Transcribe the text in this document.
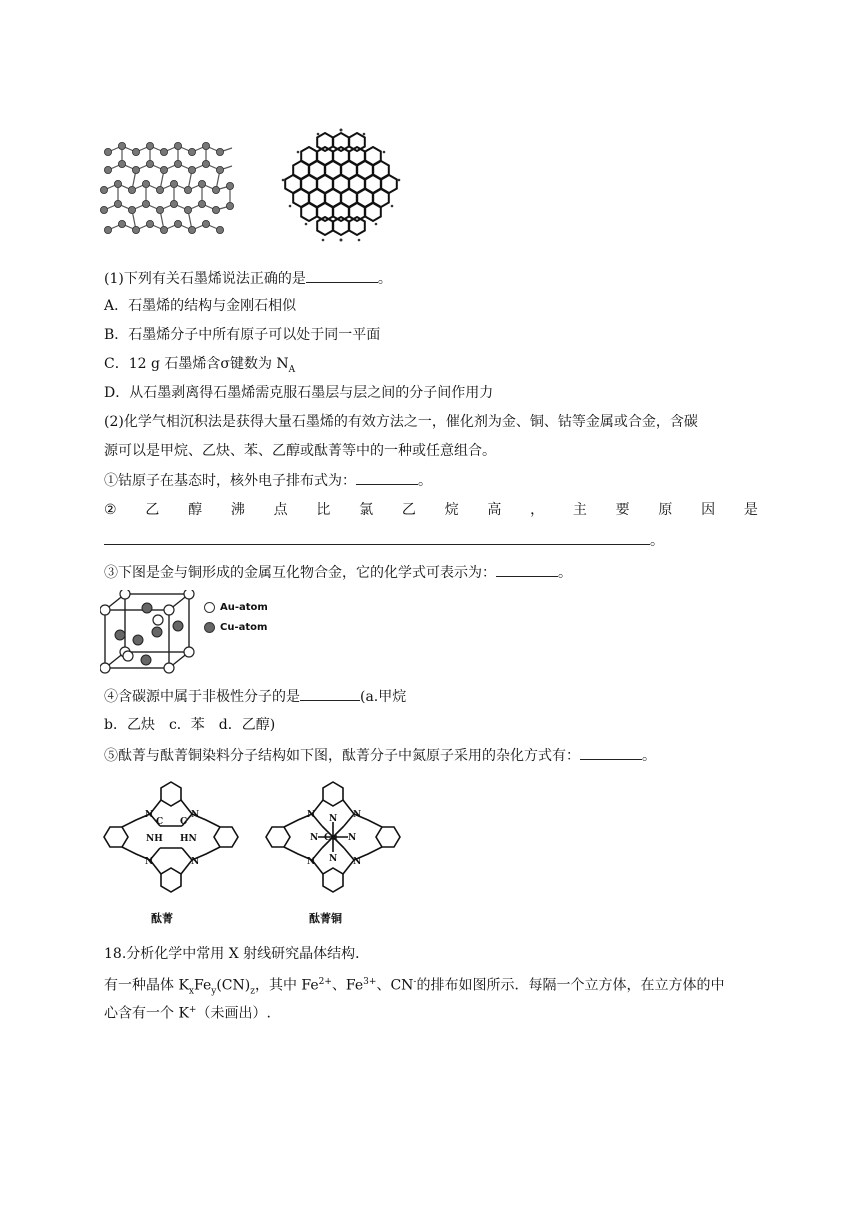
(1)下列有关石墨烯说法正确的是	。
A．石墨烯的结构与金刚石相似
B．石墨烯分子中所有原子可以处于同一平面
C．12 g 石墨烯含σ键数为 $N_A$
D．从石墨剥离得石墨烯需克服石墨层与层之间的分子间作用力
(2)化学气相沉积法是获得大量石墨烯的有效方法之一，催化剂为金、铜、钴等金属或合金，含碳
源可以是甲烷、乙炔、苯、乙醇或酞菁等中的一种或任意组合。
①钴原子在基态时，核外电子排布式为：	。
② 乙 醇 沸 点 比 氯 乙 烷 高 ， 主 要 原 因 是
。
③下图是金与铜形成的金属互化物合金，它的化学式可表示为：	。
Au-atom
Cu-atom
④含碳源中属于非极性分子的是	(a.甲烷
b．乙炔　c．苯　d．乙醇)
⑤酞菁与酞菁铜染料分子结构如下图，酞菁分子中氮原子采用的杂化方式有：	。
N	N
N	N
C C
NH HN
酞菁
N	N
N	N
N
N
N	N
Cu
酞菁铜
18.分析化学中常用 X 射线研究晶体结构．
有一种晶体 $K_xFe_y(CN)_z$，其中 $Fe^{2+}$、$Fe^{3+}$、CN-的排布如图所示．每隔一个立方体，在立方体的中
心含有一个 K+（未画出）.
